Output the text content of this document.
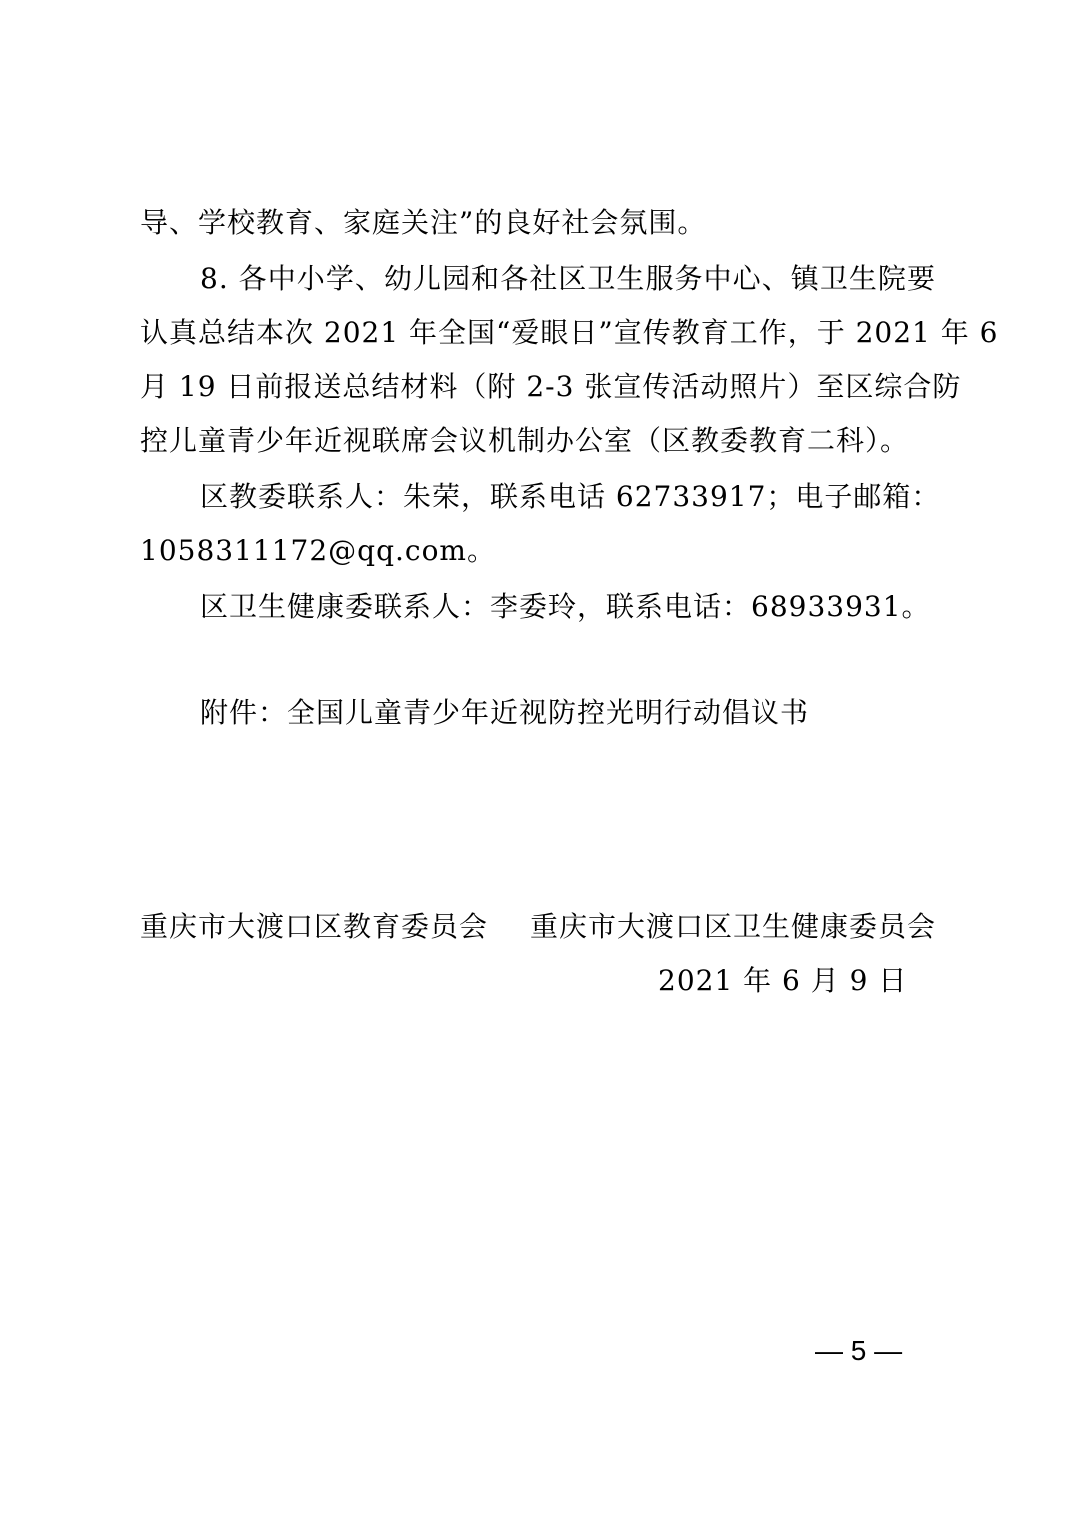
导、学校教育、家庭关注”的良好社会氛围。
8. 各中小学、幼儿园和各社区卫生服务中心、镇卫生院要
认真总结本次 2021 年全国“爱眼日”宣传教育工作，于 2021 年 6
月 19 日前报送总结材料（附 2-3 张宣传活动照片）至区综合防
控儿童青少年近视联席会议机制办公室（区教委教育二科）。
区教委联系人：朱荣，联系电话 62733917；电子邮箱：
1058311172@qq.com。
区卫生健康委联系人：李委玲，联系电话：68933931。
附件：全国儿童青少年近视防控光明行动倡议书
重庆市大渡口区教育委员会 重庆市大渡口区卫生健康委员会
2021 年 6 月 9 日
— 5 —
